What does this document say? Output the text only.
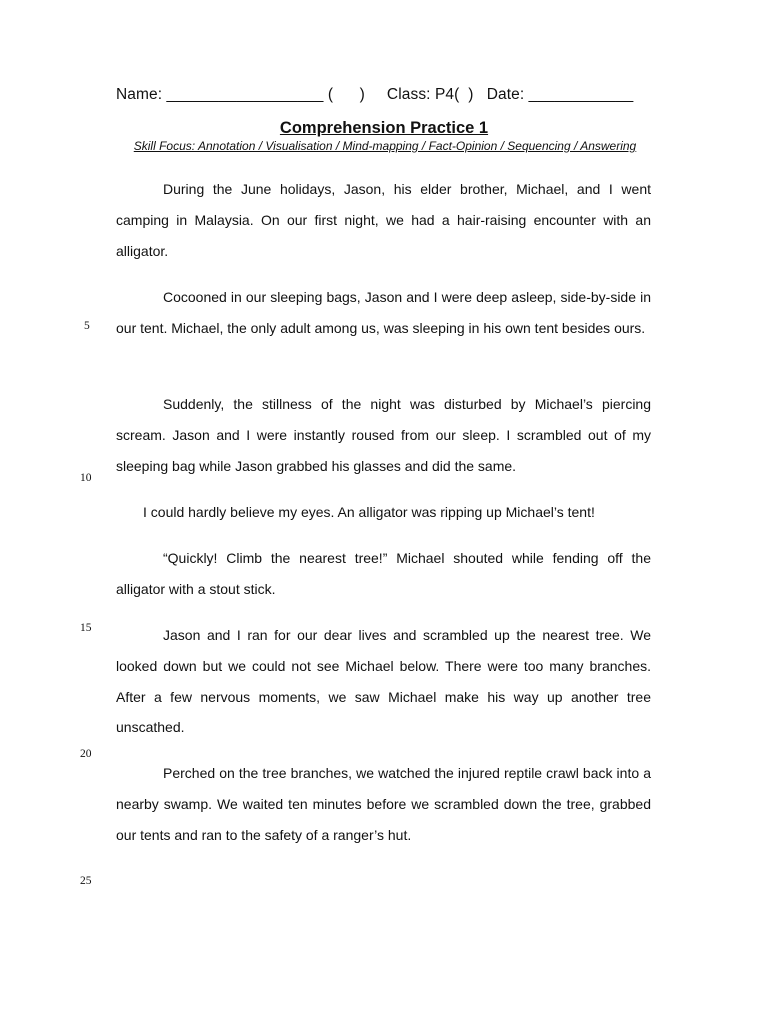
Name: __________________ (      )     Class: P4(  )   Date: ____________
Comprehension Practice 1
Skill Focus: Annotation / Visualisation / Mind-mapping / Fact-Opinion / Sequencing / Answering

During the June holidays, Jason, his elder brother, Michael, and I went camping in Malaysia. On our first night, we had a hair-raising encounter with an alligator.

Cocooned in our sleeping bags, Jason and I were deep asleep, side-by-side in our tent. Michael, the only adult among us, was sleeping in his own tent besides ours.

Suddenly, the stillness of the night was disturbed by Michael’s piercing scream. Jason and I were instantly roused from our sleep. I scrambled out of my sleeping bag while Jason grabbed his glasses and did the same.

I could hardly believe my eyes. An alligator was ripping up Michael’s tent!

“Quickly! Climb the nearest tree!” Michael shouted while fending off the alligator with a stout stick.

Jason and I ran for our dear lives and scrambled up the nearest tree. We looked down but we could not see Michael below. There were too many branches. After a few nervous moments, we saw Michael make his way up another tree unscathed.

Perched on the tree branches, we watched the injured reptile crawl back into a nearby swamp. We waited ten minutes before we scrambled down the tree, grabbed our tents and ran to the safety of a ranger’s hut.

5
10
15
20
25
